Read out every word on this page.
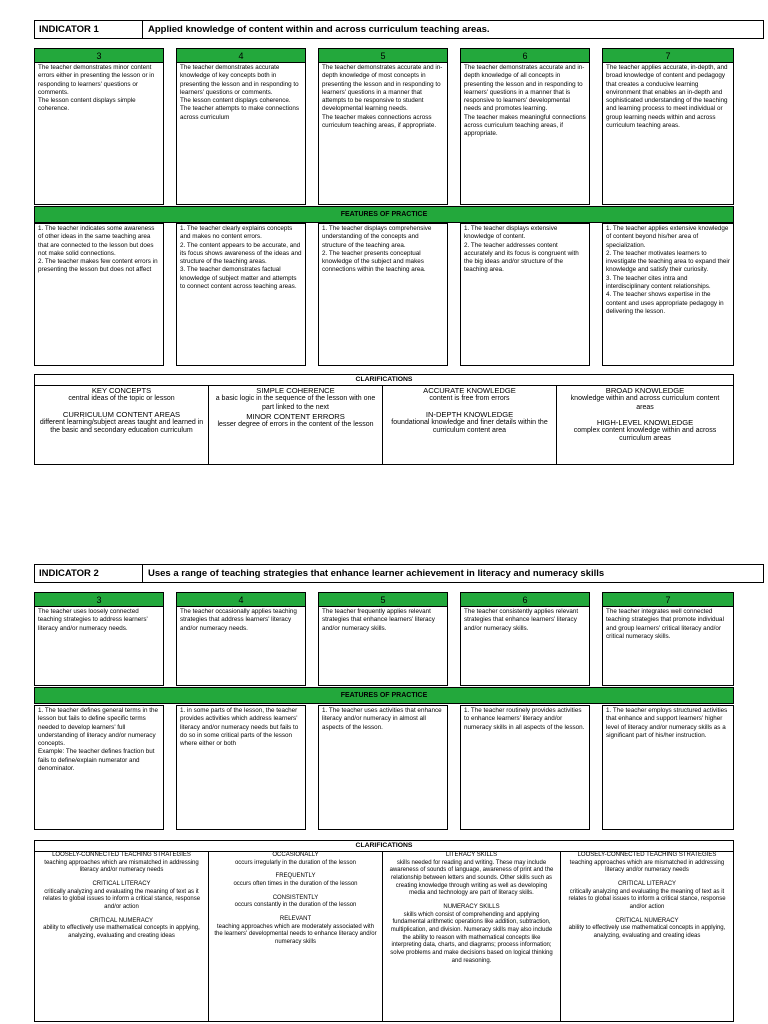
INDICATOR 1	Applied knowledge of content within and across curriculum teaching areas.
3
The teacher demonstrates minor content errors either in presenting the lesson or in responding to learners' questions or comments.
The lesson content displays simple coherence.
4
The teacher demonstrates accurate knowledge of key concepts both in presenting the lesson and in responding to learners' questions or comments.
The lesson content displays coherence.
The teacher attempts to make connections across curriculum
5
The teacher demonstrates accurate and in-depth knowledge of most concepts in presenting the lesson and in responding to learners' questions in a manner that attempts to be responsive to student developmental learning needs.
The teacher makes connections across curriculum teaching areas, if appropriate.
6
The teacher demonstrates accurate and in-depth knowledge of all concepts in presenting the lesson and in responding to learners' questions in a manner that is responsive to learners' developmental needs and promotes learning.
The teacher makes meaningful connections across curriculum teaching areas, if appropriate.
7
The teacher applies accurate, in-depth, and broad knowledge of content and pedagogy that creates a conducive learning environment that enables an in-depth and sophisticated understanding of the teaching and learning process to meet individual or group learning needs within and across curriculum teaching areas.
FEATURES OF PRACTICE
1. The teacher indicates some awareness of other ideas in the same teaching area that are connected to the lesson but does not make solid connections.
2. The teacher makes few content errors in presenting the lesson but does not affect
1. The teacher clearly explains concepts and makes no content errors.
2. The content appears to be accurate, and its focus shows awareness of the ideas and structure of the teaching areas.
3. The teacher demonstrates factual knowledge of subject matter and attempts to connect content across teaching areas.
1. The teacher displays comprehensive understanding of the concepts and structure of the teaching area.
2. The teacher presents conceptual knowledge of the subject and makes connections within the teaching area.
1. The teacher displays extensive knowledge of content.
2. The teacher addresses content accurately and its focus is congruent with the big ideas and/or structure of the teaching area.
1. The teacher applies extensive knowledge of content beyond his/her area of specialization.
2. The teacher motivates learners to investigate the teaching area to expand their knowledge and satisfy their curiosity.
3. The teacher cites intra and interdisciplinary content relationships.
4. The teacher shows expertise in the content and uses appropriate pedagogy in delivering the lesson.
CLARIFICATIONS
KEY CONCEPTS
central ideas of the topic or lesson
CURRICULUM CONTENT AREAS
different learning/subject areas taught and learned in the basic and secondary education curriculum
SIMPLE COHERENCE
a basic logic in the sequence of the lesson with one part linked to the next
MINOR CONTENT ERRORS
lesser degree of errors in the content of the lesson
ACCURATE KNOWLEDGE
content is free from errors
IN-DEPTH KNOWLEDGE
foundational knowledge and finer details within the curriculum content area
BROAD KNOWLEDGE
knowledge within and across curriculum content areas
HIGH-LEVEL KNOWLEDGE
complex content knowledge within and across curriculum areas
INDICATOR 2	Uses a range of teaching strategies that enhance learner achievement in literacy and numeracy skills
3
The teacher uses loosely connected teaching strategies to address learners' literacy and/or numeracy needs.
4
The teacher occasionally applies teaching strategies that address learners' literacy and/or numeracy needs.
5
The teacher frequently applies relevant strategies that enhance learners' literacy and/or numeracy skills.
6
The teacher consistently applies relevant strategies that enhance learners' literacy and/or numeracy skills.
7
The teacher integrates well connected teaching strategies that promote individual and group learners' critical literacy and/or critical numeracy skills.
FEATURES OF PRACTICE
1. The teacher defines general terms in the lesson but fails to define specific terms needed to develop learners' full understanding of literacy and/or numeracy concepts.
Example: The teacher defines fraction but fails to define/explain numerator and denominator.
1. in some parts of the lesson, the teacher provides activities which address learners' literacy and/or numeracy needs but fails to do so in some critical parts of the lesson where either or both
1. The teacher uses activities that enhance literacy and/or numeracy in almost all aspects of the lesson.
1. The teacher routinely provides activities to enhance learners' literacy and/or numeracy skills in all aspects of the lesson.
1. The teacher employs structured activities that enhance and support learners' higher level of literacy and/or numeracy skills as a significant part of his/her instruction.
CLARIFICATIONS
LOOSELY-CONNECTED TEACHING STRATEGIES
teaching approaches which are mismatched in addressing literacy and/or numeracy needs
CRITICAL LITERACY
critically analyzing and evaluating the meaning of text as it relates to global issues to inform a critical stance, response and/or action
CRITICAL NUMERACY
ability to effectively use mathematical concepts in applying, analyzing, evaluating and creating ideas
OCCASIONALLY
occurs irregularly in the duration of the lesson
FREQUENTLY
occurs often times in the duration of the lesson
CONSISTENTLY
occurs constantly in the duration of the lesson
RELEVANT
teaching approaches which are moderately associated with the learners' developmental needs to enhance literacy and/or numeracy skills
LITERACY SKILLS
skills needed for reading and writing. These may include awareness of sounds of language, awareness of print and the relationship between letters and sounds. Other skills such as creating knowledge through writing as well as developing media and technology are part of literacy skills.
NUMERACY SKILLS
skills which consist of comprehending and applying fundamental arithmetic operations like addition, subtraction, multiplication, and division. Numeracy skills may also include the ability to reason with mathematical concepts like interpreting data, charts, and diagrams; process information; solve problems and make decisions based on logical thinking and reasoning.
LOOSELY-CONNECTED TEACHING STRATEGIES
teaching approaches which are mismatched in addressing literacy and/or numeracy needs
CRITICAL LITERACY
critically analyzing and evaluating the meaning of text as it relates to global issues to inform a critical stance, response and/or action
CRITICAL NUMERACY
ability to effectively use mathematical concepts in applying, analyzing, evaluating and creating ideas
